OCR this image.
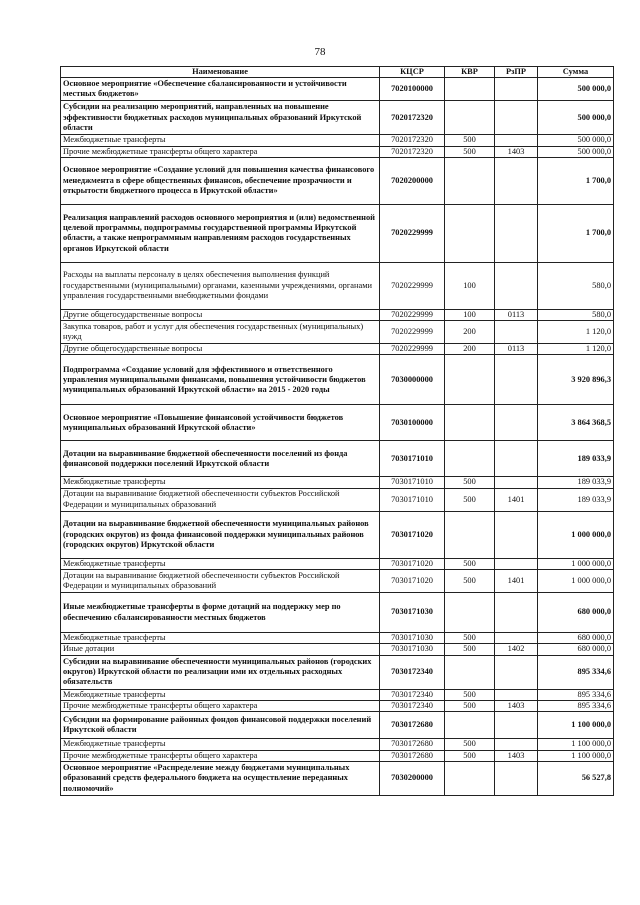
78
Наименование	КЦСР	КВР	РзПР	Сумма
Основное мероприятие «Обеспечение сбалансированности и устойчивости местных бюджетов»	7020100000			500 000,0
Субсидии на реализацию мероприятий, направленных на повышение эффективности бюджетных расходов муниципальных образований Иркутской области	7020172320			500 000,0
Межбюджетные трансферты	7020172320	500		500 000,0
Прочие межбюджетные трансферты общего характера	7020172320	500	1403	500 000,0
Основное мероприятие «Создание условий для повышения качества финансового менеджмента в сфере общественных финансов, обеспечение прозрачности и открытости бюджетного процесса в Иркутской области»	7020200000			1 700,0
Реализация направлений расходов основного мероприятия и (или) ведомственной целевой программы, подпрограммы государственной программы Иркутской области, а также непрограммным направлениям расходов государственных органов Иркутской области	7020229999			1 700,0
Расходы на выплаты персоналу в целях обеспечения выполнения функций государственными (муниципальными) органами, казенными учреждениями, органами управления государственными внебюджетными фондами	7020229999	100		580,0
Другие общегосударственные вопросы	7020229999	100	0113	580,0
Закупка товаров, работ и услуг для обеспечения государственных (муниципальных) нужд	7020229999	200		1 120,0
Другие общегосударственные вопросы	7020229999	200	0113	1 120,0
Подпрограмма «Создание условий для эффективного и ответственного управления муниципальными финансами, повышения устойчивости бюджетов муниципальных образований Иркутской области» на 2015 - 2020 годы	7030000000			3 920 896,3
Основное мероприятие «Повышение финансовой устойчивости бюджетов муниципальных образований Иркутской области»	7030100000			3 864 368,5
Дотации на выравнивание бюджетной обеспеченности поселений из фонда финансовой поддержки поселений Иркутской области	7030171010			189 033,9
Межбюджетные трансферты	7030171010	500		189 033,9
Дотации на выравнивание бюджетной обеспеченности субъектов Российской Федерации и муниципальных образований	7030171010	500	1401	189 033,9
Дотации на выравнивание бюджетной обеспеченности муниципальных районов (городских округов) из фонда финансовой поддержки муниципальных районов (городских округов) Иркутской области	7030171020			1 000 000,0
Межбюджетные трансферты	7030171020	500		1 000 000,0
Дотации на выравнивание бюджетной обеспеченности субъектов Российской Федерации и муниципальных образований	7030171020	500	1401	1 000 000,0
Иные межбюджетные трансферты в форме дотаций на поддержку мер по обеспечению сбалансированности местных бюджетов	7030171030			680 000,0
Межбюджетные трансферты	7030171030	500		680 000,0
Иные дотации	7030171030	500	1402	680 000,0
Субсидии на выравнивание обеспеченности муниципальных районов (городских округов) Иркутской области по реализации ими их отдельных расходных обязательств	7030172340			895 334,6
Межбюджетные трансферты	7030172340	500		895 334,6
Прочие межбюджетные трансферты общего характера	7030172340	500	1403	895 334,6
Субсидии на формирование районных фондов финансовой поддержки поселений Иркутской области	7030172680			1 100 000,0
Межбюджетные трансферты	7030172680	500		1 100 000,0
Прочие межбюджетные трансферты общего характера	7030172680	500	1403	1 100 000,0
Основное мероприятие «Распределение между бюджетами муниципальных образований средств федерального бюджета на осуществление переданных полномочий»	7030200000			56 527,8
